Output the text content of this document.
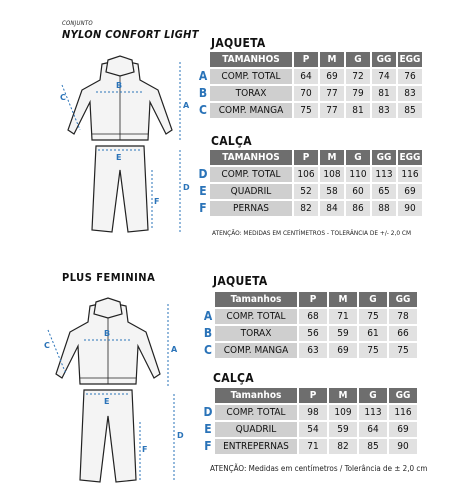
CONJUNTO
NYLON CONFORT LIGHT
C
B
A
E
D
F
JAQUETA
	TAMANHOS	P	M	G	GG	EGG
A	COMP. TOTAL	64	69	72	74	76
B	TORAX	70	77	79	81	83
C	COMP. MANGA	75	77	81	83	85
CALÇA
	TAMANHOS	P	M	G	GG	EGG
D	COMP. TOTAL	106	108	110	113	116
E	QUADRIL	52	58	60	65	69
F	PERNAS	82	84	86	88	90
ATENÇÃO: MEDIDAS EM CENTÍMETROS - TOLERÂNCIA DE +/- 2,0 CM
PLUS FEMININA
C
B
A
E
D
F
JAQUETA
	Tamanhos	P	M	G	GG
A	COMP. TOTAL	68	71	75	78
B	TORAX	56	59	61	66
C	COMP. MANGA	63	69	75	75
CALÇA
	Tamanhos	P	M	G	GG
D	COMP. TOTAL	98	109	113	116
E	QUADRIL	54	59	64	69
F	ENTREPERNAS	71	82	85	90
ATENÇÃO: Medidas em centímetros / Tolerância de ± 2,0 cm
